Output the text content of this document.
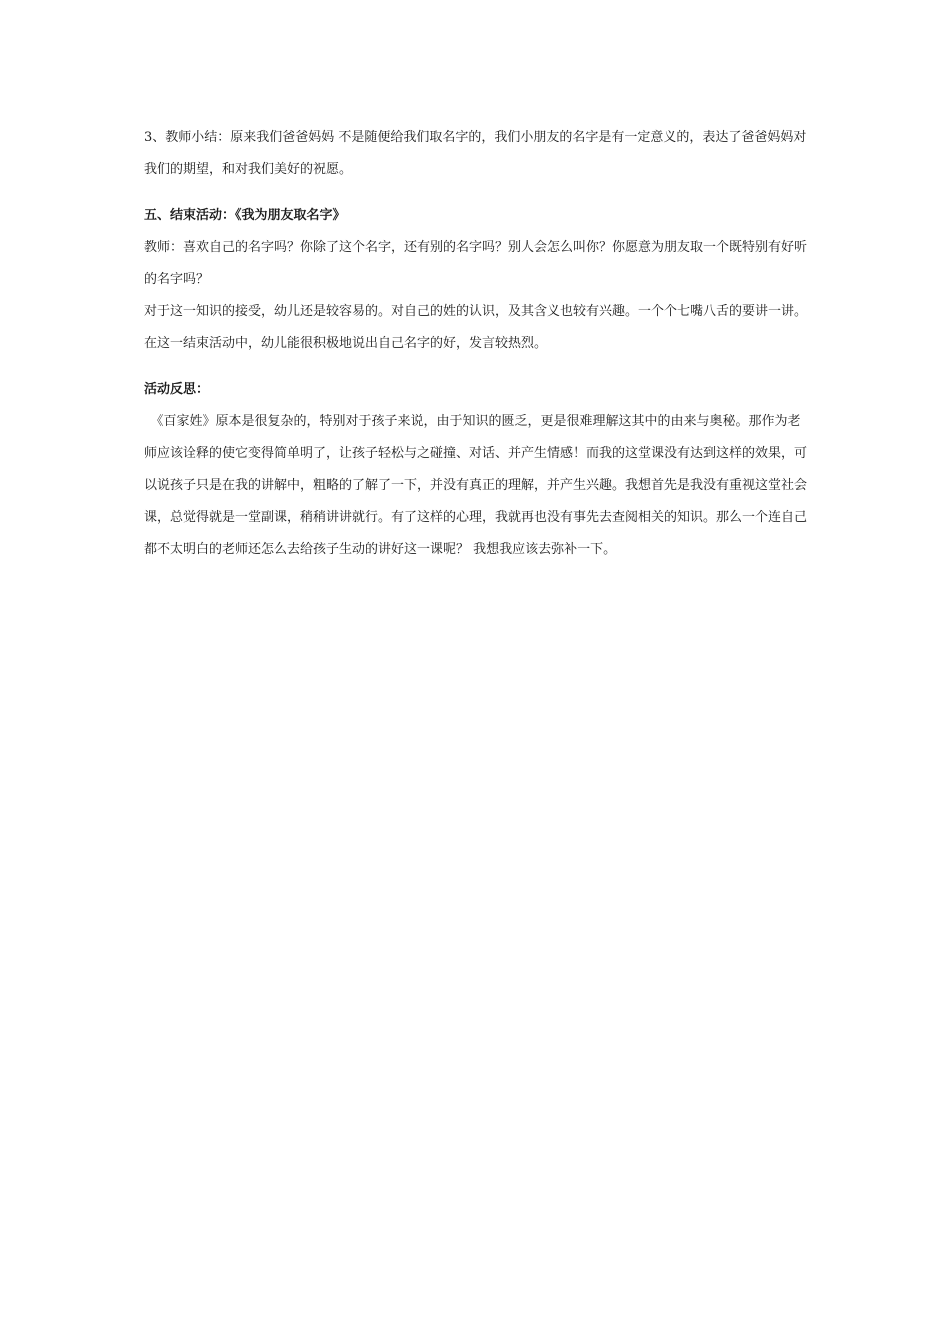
3、教师小结：原来我们爸爸妈妈 不是随便给我们取名字的，我们小朋友的名字是有一定意义的，表达了爸爸妈妈对我们的期望，和对我们美好的祝愿。

五、结束活动：《我为朋友取名字》

教师：喜欢自己的名字吗？你除了这个名字，还有别的名字吗？别人会怎么叫你？你愿意为朋友取一个既特别有好听的名字吗？

对于这一知识的接受，幼儿还是较容易的。对自己的姓的认识，及其含义也较有兴趣。一个个七嘴八舌的要讲一讲。

在这一结束活动中，幼儿能很积极地说出自己名字的好，发言较热烈。

活动反思：

《百家姓》原本是很复杂的，特别对于孩子来说，由于知识的匮乏，更是很难理解这其中的由来与奥秘。那作为老师应该诠释的使它变得简单明了，让孩子轻松与之碰撞、对话、并产生情感！而我的这堂课没有达到这样的效果，可以说孩子只是在我的讲解中，粗略的了解了一下，并没有真正的理解，并产生兴趣。我想首先是我没有重视这堂社会课，总觉得就是一堂副课，稍稍讲讲就行。有了这样的心理，我就再也没有事先去查阅相关的知识。那么一个连自己都不太明白的老师还怎么去给孩子生动的讲好这一课呢？ 我想我应该去弥补一下。
